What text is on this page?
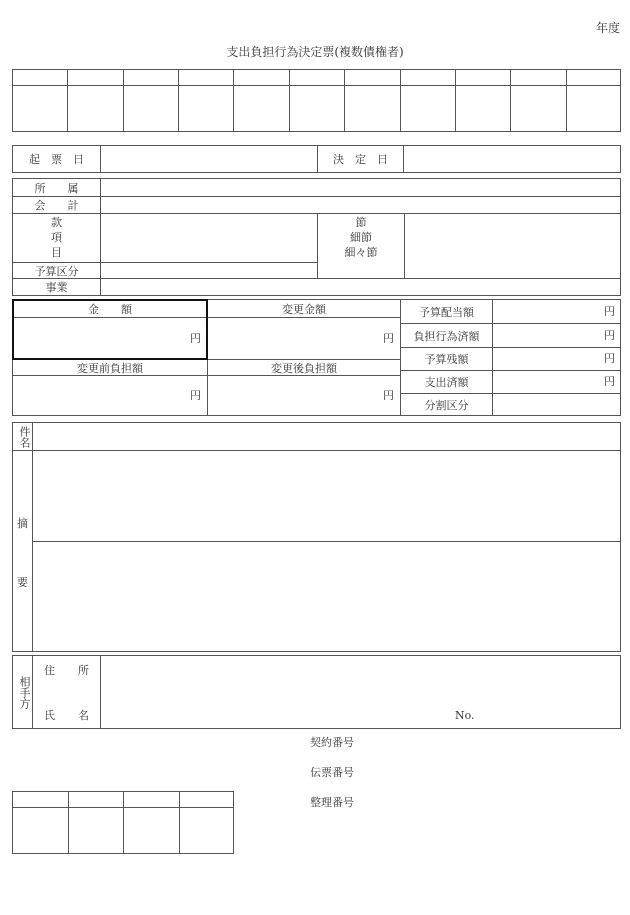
年度
支出負担行為決定票(複数債権者)
起　票　日	決　定　日
所　　属
会　　計
款
項
目
予算区分
節
細節
細々節
事業
金　　額
円
変更金額
円
変更前負担額
円
変更後負担額
円
予算配当額	円
負担行為済額	円
予算残額	円
支出済額	円
分割区分
件名
摘
要
相手方
住 所
氏 名	No.
契約番号
伝票番号
整理番号
